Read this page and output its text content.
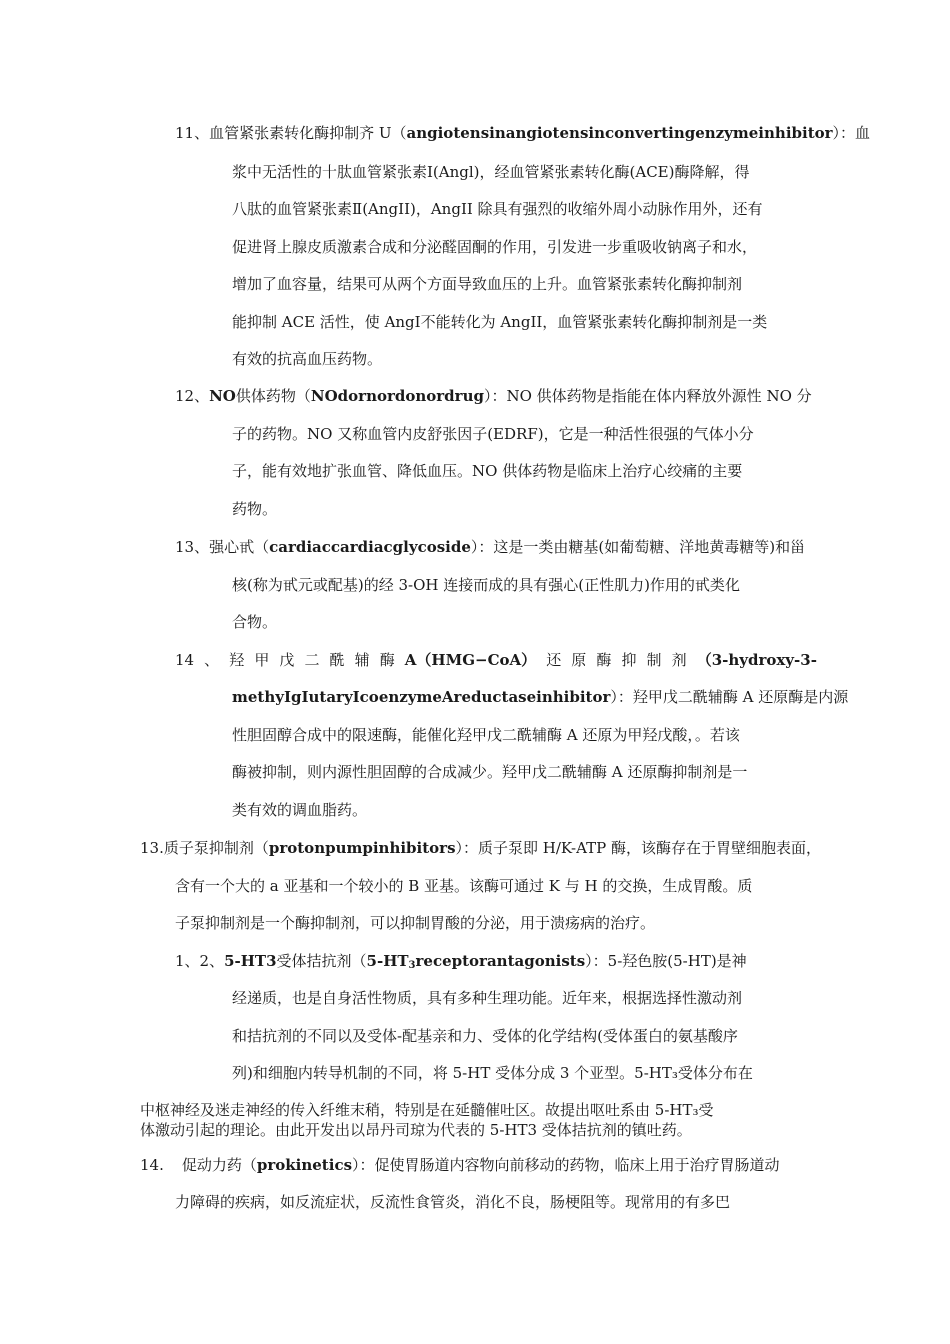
11、血管紧张素转化酶抑制齐 U（angiotensinangiotensinconvertingenzymeinhibitor）：血
浆中无活性的十肽血管紧张素Ⅰ(Angl)，经血管紧张素转化酶(ACE)酶降解，得
八肽的血管紧张素Ⅱ(AngII)，AngII 除具有强烈的收缩外周小动脉作用外，还有
促进肾上腺皮质激素合成和分泌醛固酮的作用，引发进一步重吸收钠离子和水，
增加了血容量，结果可从两个方面导致血压的上升。血管紧张素转化酶抑制剂
能抑制 ACE 活性，使 AngⅠ不能转化为 AngII，血管紧张素转化酶抑制剂是一类
有效的抗高血压药物。
12、NO供体药物（NOdornordonordrug）：NO 供体药物是指能在体内释放外源性 NO 分
子的药物。NO 又称血管内皮舒张因子(EDRF)，它是一种活性很强的气体小分
子，能有效地扩张血管、降低血压。NO 供体药物是临床上治疗心绞痛的主要
药物。
13、强心甙（cardiaccardiacglycoside）：这是一类由糖基(如葡萄糖、洋地黄毒糖等)和甾
核(称为甙元或配基)的经 3-OH 连接而成的具有强心(正性肌力)作用的甙类化
合物。
14 、 羟 甲 戊 二 酰 辅 酶 A（HMG−CoA） 还 原 酶 抑 制 剂 （3-hydroxy-3-
methyIgIutaryIcoenzymeAreductaseinhibitor）：羟甲戊二酰辅酶 A 还原酶是内源
性胆固醇合成中的限速酶，能催化羟甲戊二酰辅酶 A 还原为甲羟戊酸，。若该
酶被抑制，则内源性胆固醇的合成减少。羟甲戊二酰辅酶 A 还原酶抑制剂是一
类有效的调血脂药。
13.质子泵抑制剂（protonpumpinhibitors）：质子泵即 H/K-ATP 酶，该酶存在于胃壁细胞表面，
含有一个大的 a 亚基和一个较小的 B 亚基。该酶可通过 K 与 H 的交换，生成胃酸。质
子泵抑制剂是一个酶抑制剂，可以抑制胃酸的分泌，用于溃疡病的治疗。
1、2、5-HT3受体拮抗剂$(5-HT_3receptorantagonists)$：5-羟色胺(5-HT)是神
经递质，也是自身活性物质，具有多种生理功能。近年来，根据选择性激动剂
和拮抗剂的不同以及受体-配基亲和力、受体的化学结构(受体蛋白的氨基酸序
列)和细胞内转导机制的不同，将 5-HT 受体分成 3 个亚型。5-HT₃受体分布在
中枢神经及迷走神经的传入纤维末稍，特别是在延髓催吐区。故提出呕吐系由 5-HT₃受
体激动引起的理论。由此开发出以昂丹司琼为代表的 5-HT3 受体拮抗剂的镇吐药。
14. 促动力药（prokinetics）：促使胃肠道内容物向前移动的药物，临床上用于治疗胃肠道动
力障碍的疾病，如反流症状，反流性食管炎，消化不良，肠梗阻等。现常用的有多巴
